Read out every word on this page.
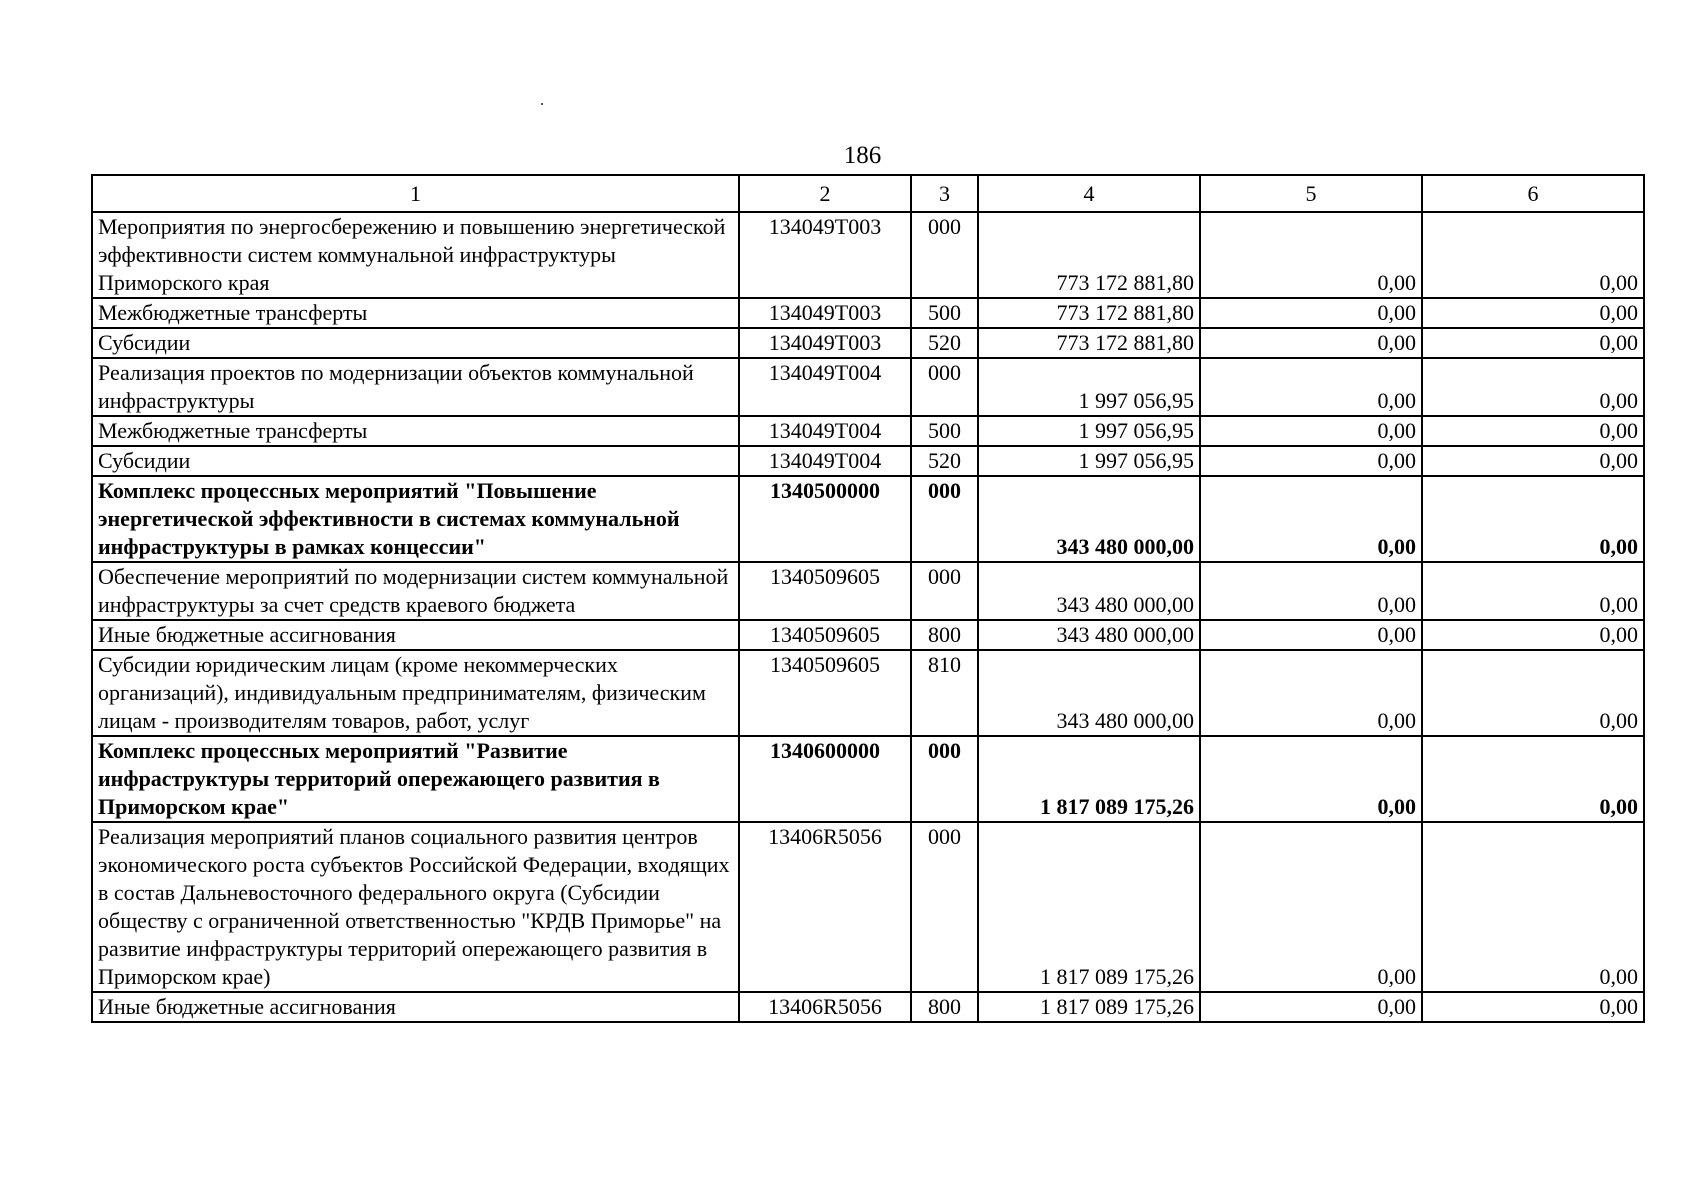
186
1	2	3	4	5	6
Мероприятия по энергосбережению и повышению энергетической эффективности систем коммунальной инфраструктуры Приморского края	134049Т003	000	773 172 881,80	0,00	0,00
Межбюджетные трансферты	134049Т003	500	773 172 881,80	0,00	0,00
Субсидии	134049Т003	520	773 172 881,80	0,00	0,00
Реализация проектов по модернизации объектов коммунальной инфраструктуры	134049Т004	000	1 997 056,95	0,00	0,00
Межбюджетные трансферты	134049Т004	500	1 997 056,95	0,00	0,00
Субсидии	134049Т004	520	1 997 056,95	0,00	0,00
Комплекс процессных мероприятий "Повышение энергетической эффективности в системах коммунальной инфраструктуры в рамках концессии"	1340500000	000	343 480 000,00	0,00	0,00
Обеспечение мероприятий по модернизации систем коммунальной инфраструктуры за счет средств краевого бюджета	1340509605	000	343 480 000,00	0,00	0,00
Иные бюджетные ассигнования	1340509605	800	343 480 000,00	0,00	0,00
Субсидии юридическим лицам (кроме некоммерческих организаций), индивидуальным предпринимателям, физическим лицам - производителям товаров, работ, услуг	1340509605	810	343 480 000,00	0,00	0,00
Комплекс процессных мероприятий "Развитие инфраструктуры территорий опережающего развития в Приморском крае"	1340600000	000	1 817 089 175,26	0,00	0,00
Реализация мероприятий планов социального развития центров экономического роста субъектов Российской Федерации, входящих в состав Дальневосточного федерального округа (Субсидии обществу с ограниченной ответственностью "КРДВ Приморье" на развитие инфраструктуры территорий опережающего развития в Приморском крае)	13406R5056	000	1 817 089 175,26	0,00	0,00
Иные бюджетные ассигнования	13406R5056	800	1 817 089 175,26	0,00	0,00
